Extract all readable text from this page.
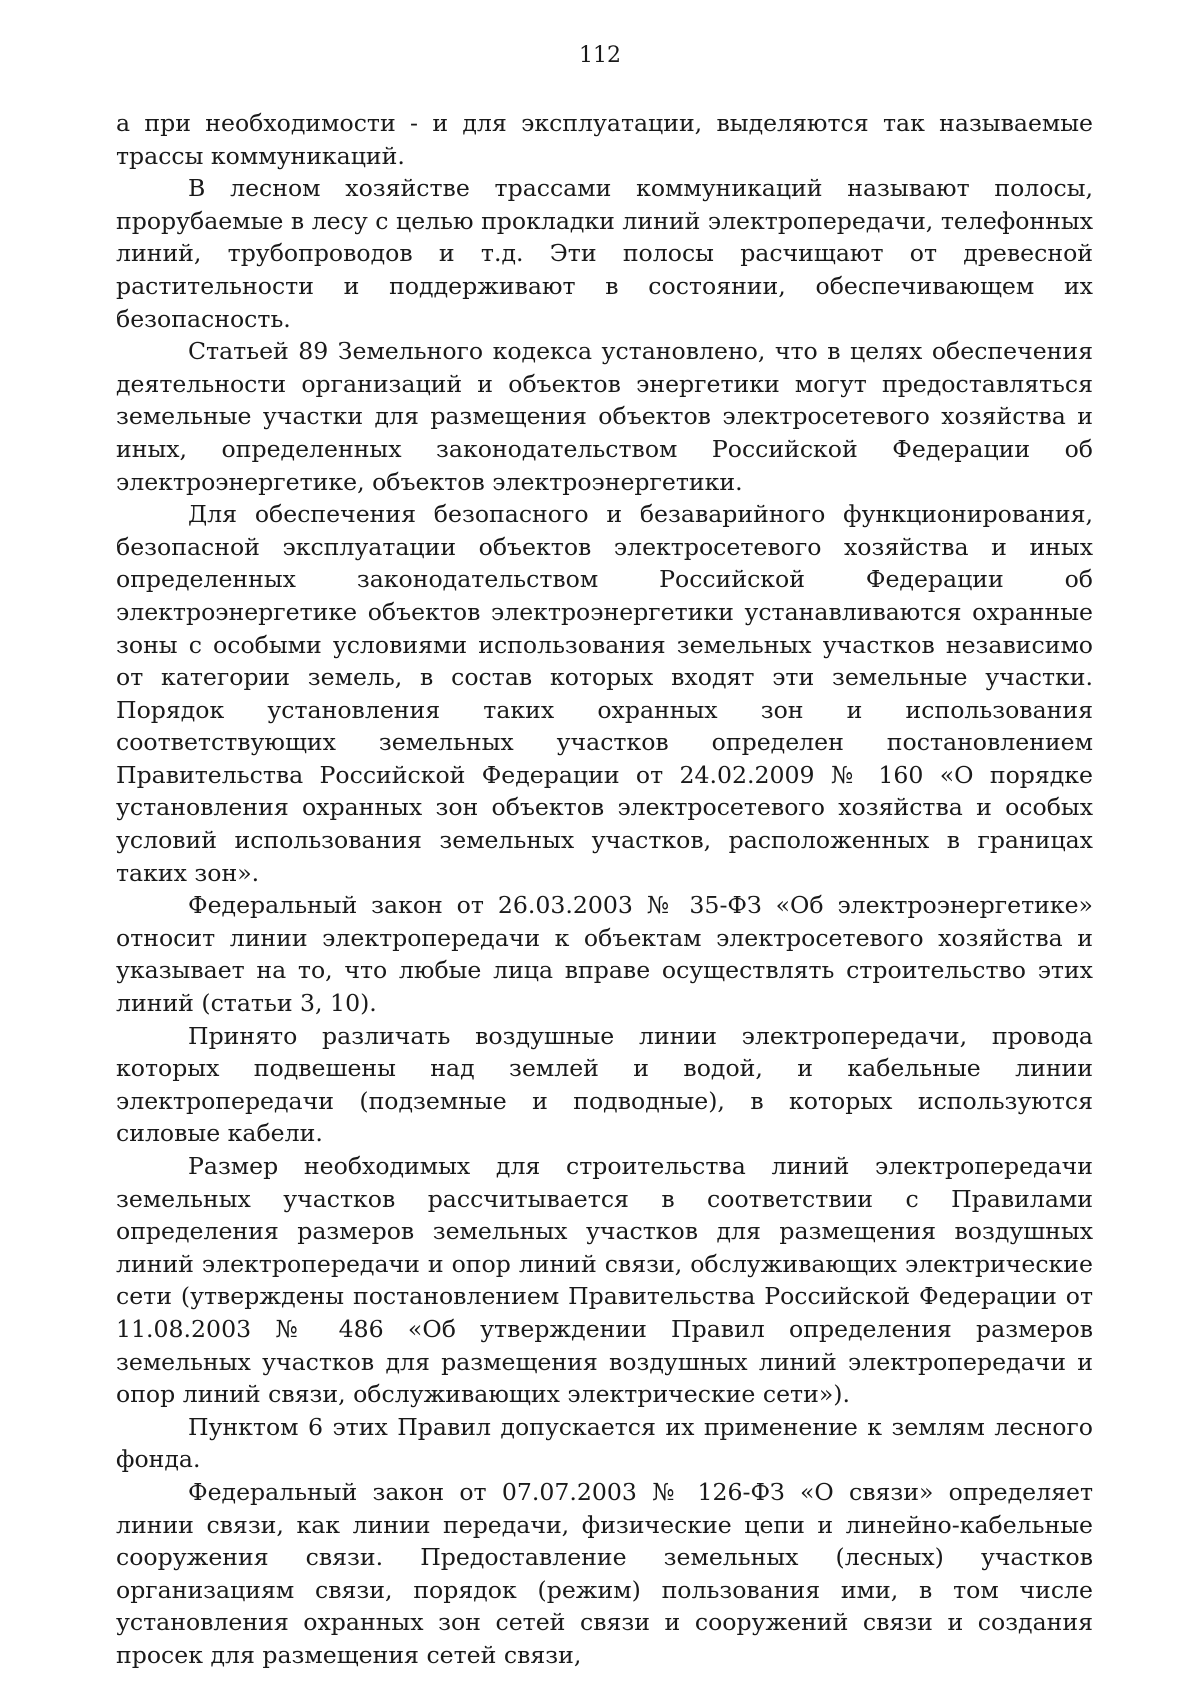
112

а при необходимости - и для эксплуатации, выделяются так называемые трассы коммуникаций.

В лесном хозяйстве трассами коммуникаций называют полосы, прорубаемые в лесу с целью прокладки линий электропередачи, телефонных линий, трубопроводов и т.д. Эти полосы расчищают от древесной растительности и поддерживают в состоянии, обеспечивающем их безопасность.

Статьей 89 Земельного кодекса установлено, что в целях обеспечения деятельности организаций и объектов энергетики могут предоставляться земельные участки для размещения объектов электросетевого хозяйства и иных, определенных законодательством Российской Федерации об электроэнергетике, объектов электроэнергетики.

Для обеспечения безопасного и безаварийного функционирования, безопасной эксплуатации объектов электросетевого хозяйства и иных определенных законодательством Российской Федерации об электроэнергетике объектов электроэнергетики устанавливаются охранные зоны с особыми условиями использования земельных участков независимо от категории земель, в состав которых входят эти земельные участки. Порядок установления таких охранных зон и использования соответствующих земельных участков определен постановлением Правительства Российской Федерации от 24.02.2009 № 160 «О порядке установления охранных зон объектов электросетевого хозяйства и особых условий использования земельных участков, расположенных в границах таких зон».

Федеральный закон от 26.03.2003 № 35-ФЗ «Об электроэнергетике» относит линии электропередачи к объектам электросетевого хозяйства и указывает на то, что любые лица вправе осуществлять строительство этих линий (статьи 3, 10).

Принято различать воздушные линии электропередачи, провода которых подвешены над землей и водой, и кабельные линии электропередачи (подземные и подводные), в которых используются силовые кабели.

Размер необходимых для строительства линий электропередачи земельных участков рассчитывается в соответствии с Правилами определения размеров земельных участков для размещения воздушных линий электропередачи и опор линий связи, обслуживающих электрические сети (утверждены постановлением Правительства Российской Федерации от 11.08.2003 № 486 «Об утверждении Правил определения размеров земельных участков для размещения воздушных линий электропередачи и опор линий связи, обслуживающих электрические сети»).

Пунктом 6 этих Правил допускается их применение к землям лесного фонда.

Федеральный закон от 07.07.2003 № 126-ФЗ «О связи» определяет линии связи, как линии передачи, физические цепи и линейно-кабельные сооружения связи. Предоставление земельных (лесных) участков организациям связи, порядок (режим) пользования ими, в том числе установления охранных зон сетей связи и сооружений связи и создания просек для размещения сетей связи,
